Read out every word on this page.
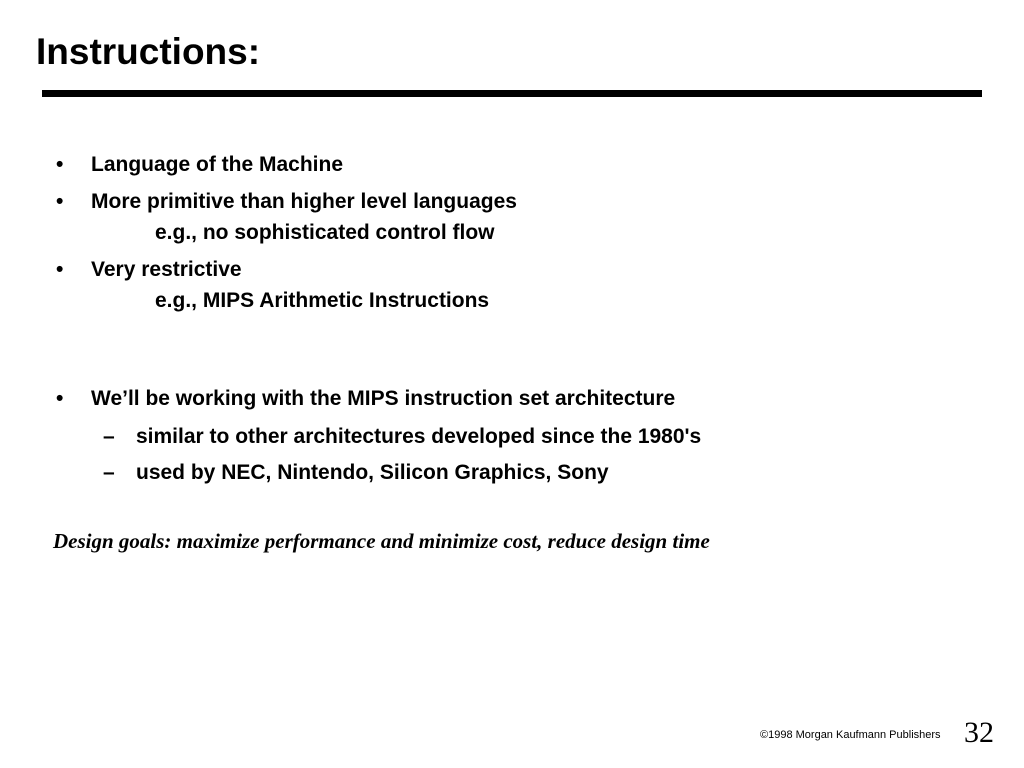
Instructions:
• Language of the Machine
• More primitive than higher level languages
e.g., no sophisticated control flow
• Very restrictive
e.g., MIPS Arithmetic Instructions
• We’ll be working with the MIPS instruction set architecture
– similar to other architectures developed since the 1980's
– used by NEC, Nintendo, Silicon Graphics, Sony
Design goals: maximize performance and minimize cost, reduce design time
©1998 Morgan Kaufmann Publishers 32
